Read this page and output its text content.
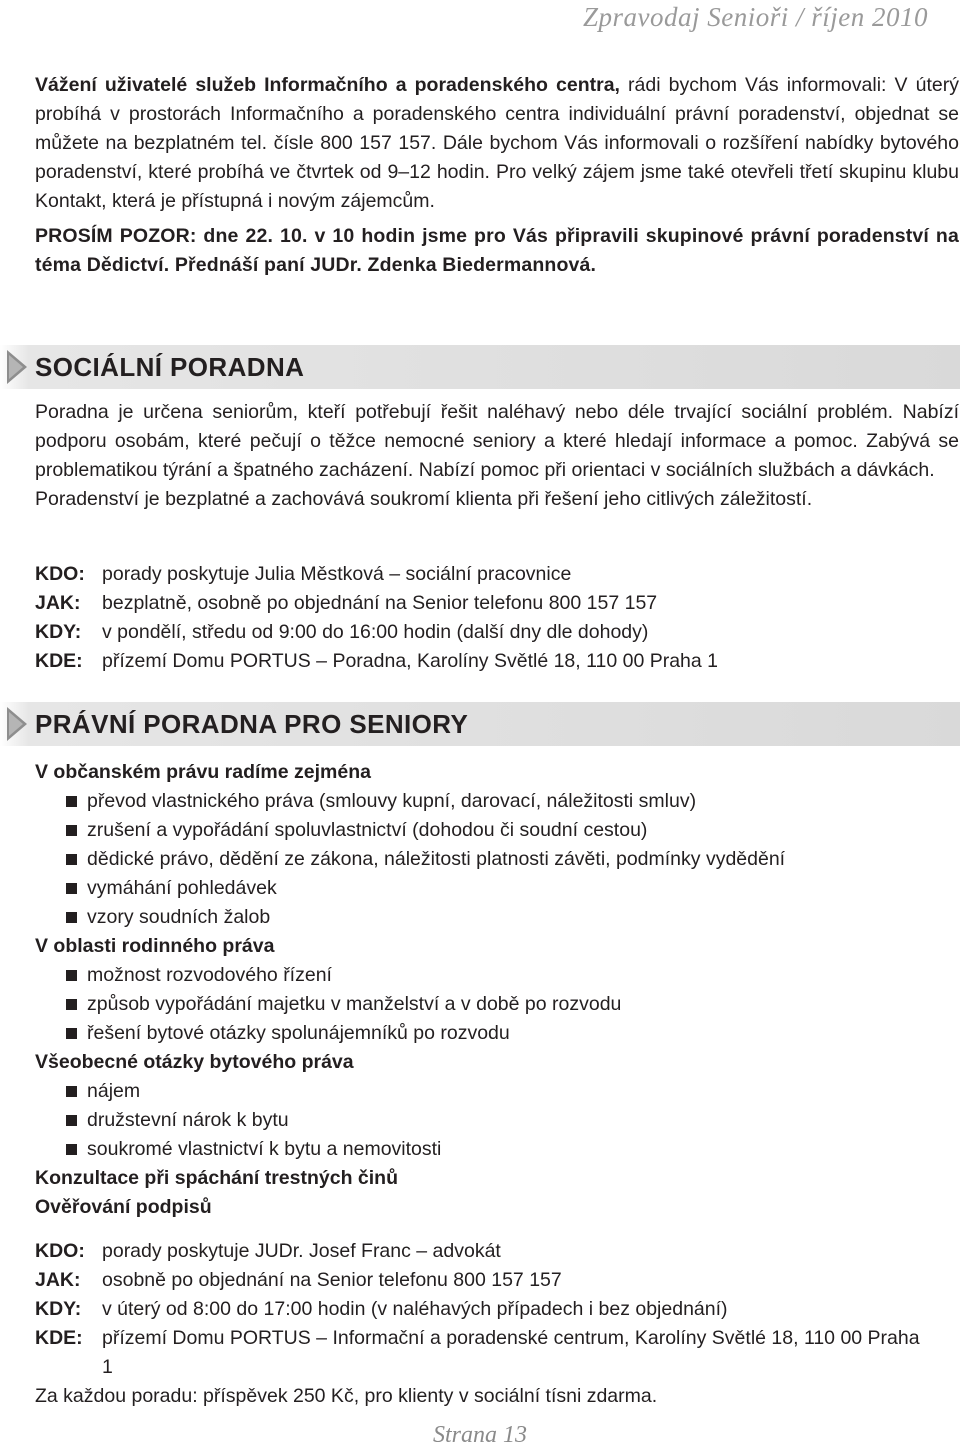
Zpravodaj Senioři / říjen 2010

Vážení uživatelé služeb Informačního a poradenského centra, rádi bychom Vás informovali: V úterý probíhá v prostorách Informačního a poradenského centra individuální právní poradenství, objednat se můžete na bezplatném tel. čísle 800 157 157. Dále bychom Vás informovali o rozšíření nabídky bytového poradenství, které probíhá ve čtvrtek od 9–12 hodin. Pro velký zájem jsme také otevřeli třetí skupinu klubu Kontakt, která je přístupná i novým zájemcům.

PROSÍM POZOR: dne 22. 10. v 10 hodin jsme pro Vás připravili skupinové právní poradenství na téma Dědictví. Přednáší paní JUDr. Zdenka Biedermannová.

SOCIÁLNÍ PORADNA

Poradna je určena seniorům, kteří potřebují řešit naléhavý nebo déle trvající sociální problém. Nabízí podporu osobám, které pečují o těžce nemocné seniory a které hledají informace a pomoc. Zabývá se problematikou týrání a špatného zacházení. Nabízí pomoc při orientaci v sociálních službách a dávkách.

Poradenství je bezplatné a zachovává soukromí klienta při řešení jeho citlivých záležitostí.

KDO: porady poskytuje Julia Městková – sociální pracovnice
JAK:	bezplatně, osobně po objednání na Senior telefonu 800 157 157
KDY:	v pondělí, středu od 9:00 do 16:00 hodin (další dny dle dohody)
KDE: přízemí Domu PORTUS – Poradna, Karolíny Světlé 18, 110 00 Praha 1
PRÁVNÍ PORADNA PRO SENIORY
V občanském právu radíme zejména
převod vlastnického práva (smlouvy kupní, darovací, náležitosti smluv)
zrušení a vypořádání spoluvlastnictví (dohodou či soudní cestou)
dědické právo, dědění ze zákona, náležitosti platnosti závěti, podmínky vydědění
vymáhání pohledávek
vzory soudních žalob
V oblasti rodinného práva
možnost rozvodového řízení
způsob vypořádání majetku v manželství a v době po rozvodu
řešení bytové otázky spolunájemníků po rozvodu
Všeobecné otázky bytového práva
nájem
družstevní nárok k bytu
soukromé vlastnictví k bytu a nemovitosti
Konzultace při spáchání trestných činů
Ověřování podpisů
KDO: porady poskytuje JUDr. Josef Franc – advokát
JAK:	osobně po objednání na Senior telefonu 800 157 157
KDY:	v úterý od 8:00 do 17:00 hodin (v naléhavých případech i bez objednání)
KDE: přízemí Domu PORTUS – Informační a poradenské centrum, Karolíny Světlé 18, 110 00 Praha 1
Za každou poradu: příspěvek 250 Kč, pro klienty v sociální tísni zdarma.
Strana 13
